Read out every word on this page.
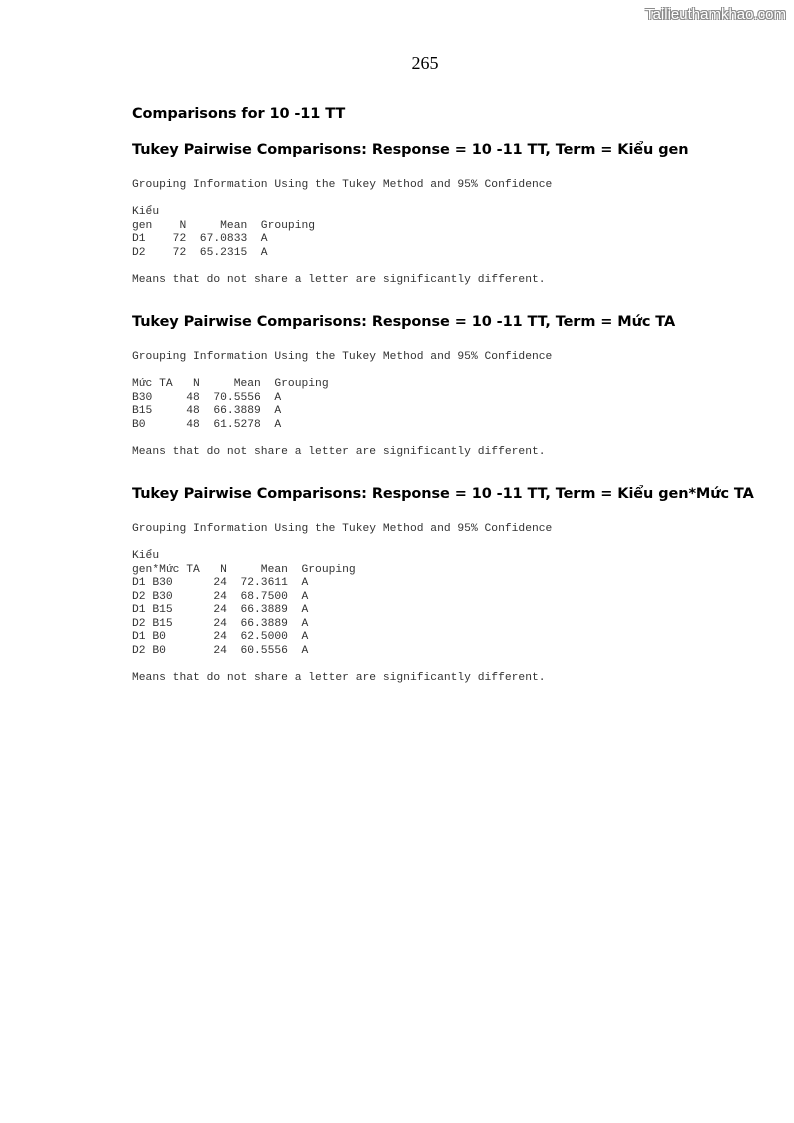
Tailieuthamkhao.com
265
Comparisons for 10 -11 TT
Tukey Pairwise Comparisons: Response = 10 -11 TT, Term = Kiểu gen
Grouping Information Using the Tukey Method and 95% Confidence
Kiểu
gen    N     Mean  Grouping
D1    72  67.0833  A
D2    72  65.2315  A
Means that do not share a letter are significantly different.
Tukey Pairwise Comparisons: Response = 10 -11 TT, Term = Mức TA
Grouping Information Using the Tukey Method and 95% Confidence
Mức TA   N     Mean  Grouping
B30     48  70.5556  A
B15     48  66.3889  A
B0      48  61.5278  A
Means that do not share a letter are significantly different.
Tukey Pairwise Comparisons: Response = 10 -11 TT, Term = Kiểu gen*Mức TA
Grouping Information Using the Tukey Method and 95% Confidence
Kiểu
gen*Mức TA   N     Mean  Grouping
D1 B30      24  72.3611  A
D2 B30      24  68.7500  A
D1 B15      24  66.3889  A
D2 B15      24  66.3889  A
D1 B0       24  62.5000  A
D2 B0       24  60.5556  A
Means that do not share a letter are significantly different.
